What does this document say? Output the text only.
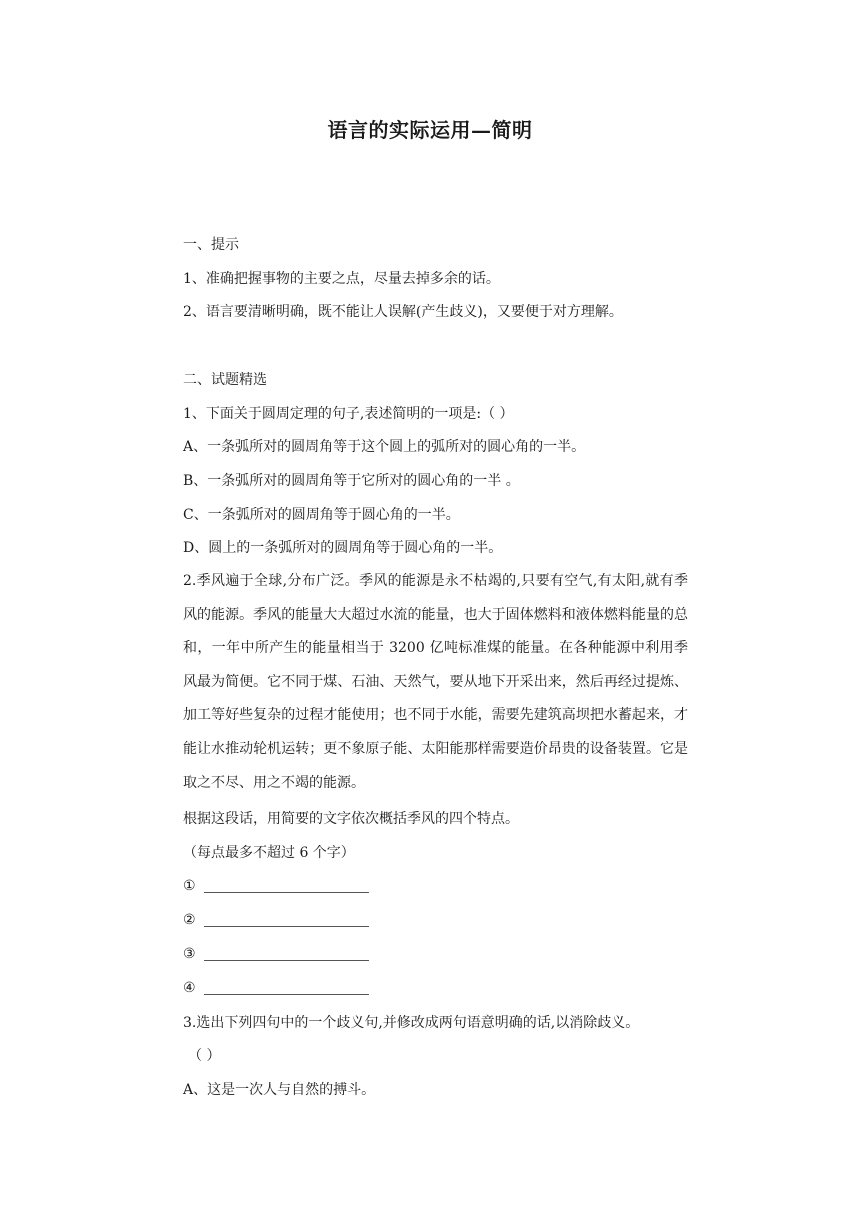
语言的实际运用—简明
一、提示
1、准确把握事物的主要之点，尽量去掉多余的话。
2、语言要清晰明确，既不能让人误解(产生歧义)，又要便于对方理解。
二、试题精选
1、下面关于圆周定理的句子,表述简明的一项是:（ ）
A、一条弧所对的圆周角等于这个圆上的弧所对的圆心角的一半。
B、一条弧所对的圆周角等于它所对的圆心角的一半 。
C、一条弧所对的圆周角等于圆心角的一半。
D、圆上的一条弧所对的圆周角等于圆心角的一半。
2.季风遍于全球,分布广泛。季风的能源是永不枯竭的,只要有空气,有太阳,就有季风的能源。季风的能量大大超过水流的能量，也大于固体燃料和液体燃料能量的总和，一年中所产生的能量相当于 3200 亿吨标准煤的能量。在各种能源中利用季风最为简便。它不同于煤、石油、天然气，要从地下开采出来，然后再经过提炼、加工等好些复杂的过程才能使用；也不同于水能，需要先建筑高坝把水蓄起来，才能让水推动轮机运转；更不象原子能、太阳能那样需要造价昂贵的设备装置。它是取之不尽、用之不竭的能源。
根据这段话，用简要的文字依次概括季风的四个特点。
（每点最多不超过 6 个字）
①
②
③
④
3.选出下列四句中的一个歧义句,并修改成两句语意明确的话,以消除歧义。
（ ）
A、这是一次人与自然的搏斗。
